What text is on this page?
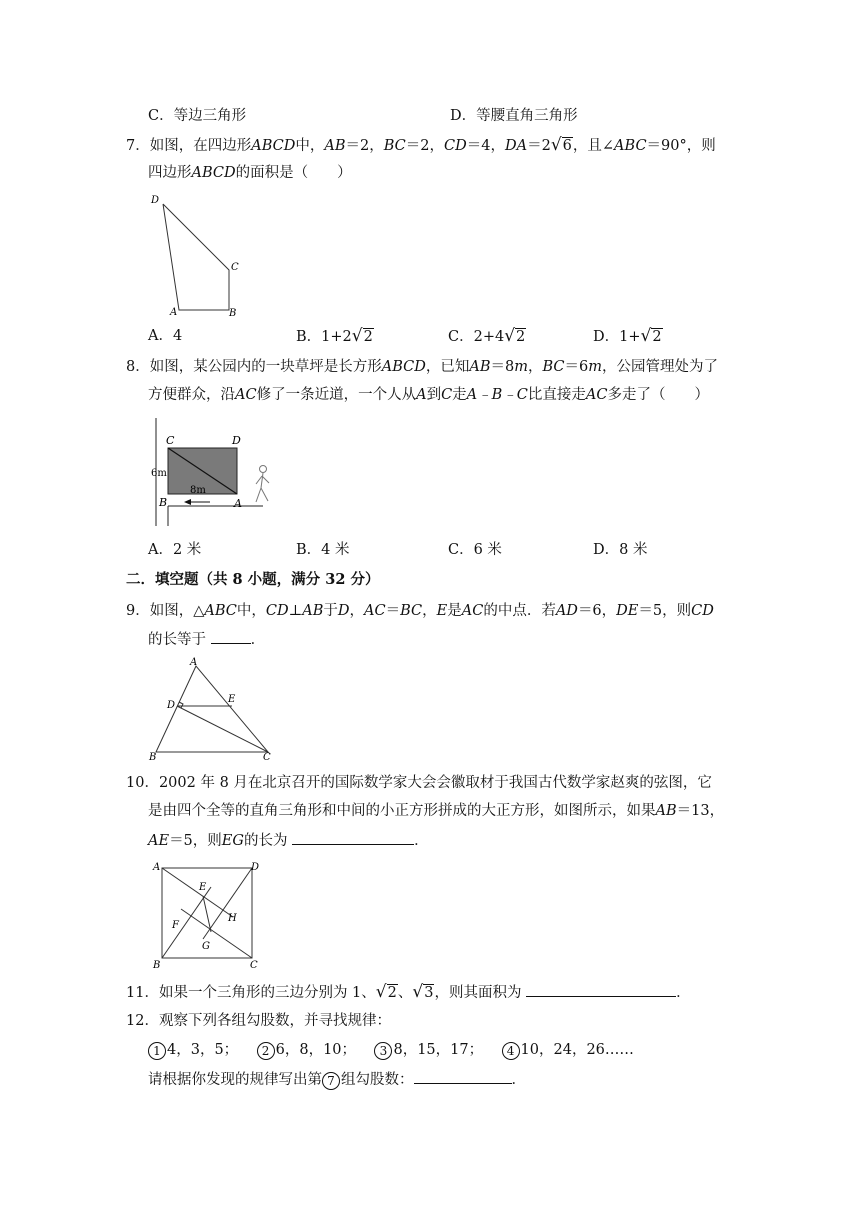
C．等边三角形	D．等腰直角三角形
7．如图，在四边形ABCD中，AB＝2，BC＝2，CD＝4，DA＝2√6，且∠ABC＝90°，则
四边形ABCD的面积是（　　）
D
C
A	B
A．4	B．1+2√2	C．2+4√2	D．1+√2
8．如图，某公园内的一块草坪是长方形ABCD，已知AB＝8m，BC＝6m，公园管理处为了
方便群众，沿AC修了一条近道，一个人从A到C走A﹣B﹣C比直接走AC多走了（　　）
C	D
B	A
6m
8m
A．2 米	B．4 米	C．6 米	D．8 米
二．填空题（共 8 小题，满分 32 分）
9．如图，△ABC中，CD⊥AB于D，AC＝BC，E是AC的中点．若AD＝6，DE＝5，则CD
的长等于	．
A
E
D
B	C
10．2002 年 8 月在北京召开的国际数学家大会会徽取材于我国古代数学家赵爽的弦图，它
是由四个全等的直角三角形和中间的小正方形拼成的大正方形，如图所示，如果AB＝13，
AE＝5，则EG的长为	．
A	D
E
H
F
G
B	C
11．如果一个三角形的三边分别为 1、√2、√3，则其面积为	．
12．观察下列各组勾股数，并寻找规律：
1 4，3，5； 2 6，8，10； 3 8，15，17； 4 10，24，26……
请根据你发现的规律写出第 7 组勾股数：	．
